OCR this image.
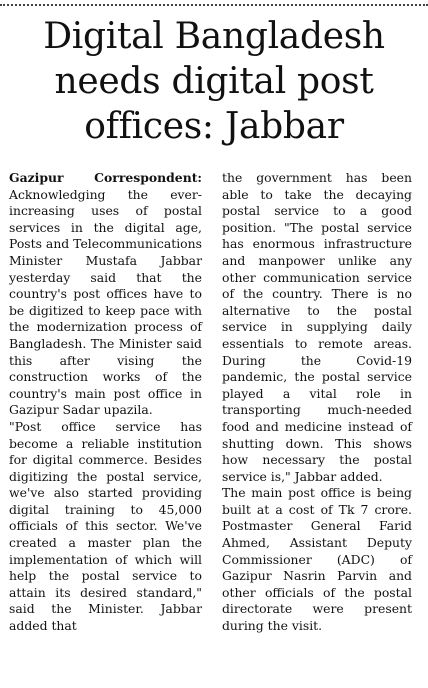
Digital Bangladesh
needs digital post
offices: Jabbar

Gazipur Correspondent: Acknowledging the ever-increasing uses of postal services in the digital age, Posts and Telecommunications Minister Mustafa Jabbar yesterday said that the country's post offices have to be digitized to keep pace with the modernization process of Bangladesh. The Minister said this after vising the construction works of the country's main post office in Gazipur Sadar upazila.

"Post office service has become a reliable institution for digital commerce. Besides digitizing the postal service, we've also started providing digital training to 45,000 officials of this sector. We've created a master plan the implementation of which will help the postal service to attain its desired standard," said the Minister. Jabbar added that

the government has been able to take the decaying postal service to a good position. "The postal service has enormous infrastructure and manpower unlike any other communication service of the country. There is no alternative to the postal service in supplying daily essentials to remote areas. During the Covid-19 pandemic, the postal service played a vital role in transporting much-needed food and medicine instead of shutting down. This shows how necessary the postal service is," Jabbar added.

The main post office is being built at a cost of Tk 7 crore. Postmaster General Farid Ahmed, Assistant Deputy Commissioner (ADC) of Gazipur Nasrin Parvin and other officials of the postal directorate were present during the visit.
